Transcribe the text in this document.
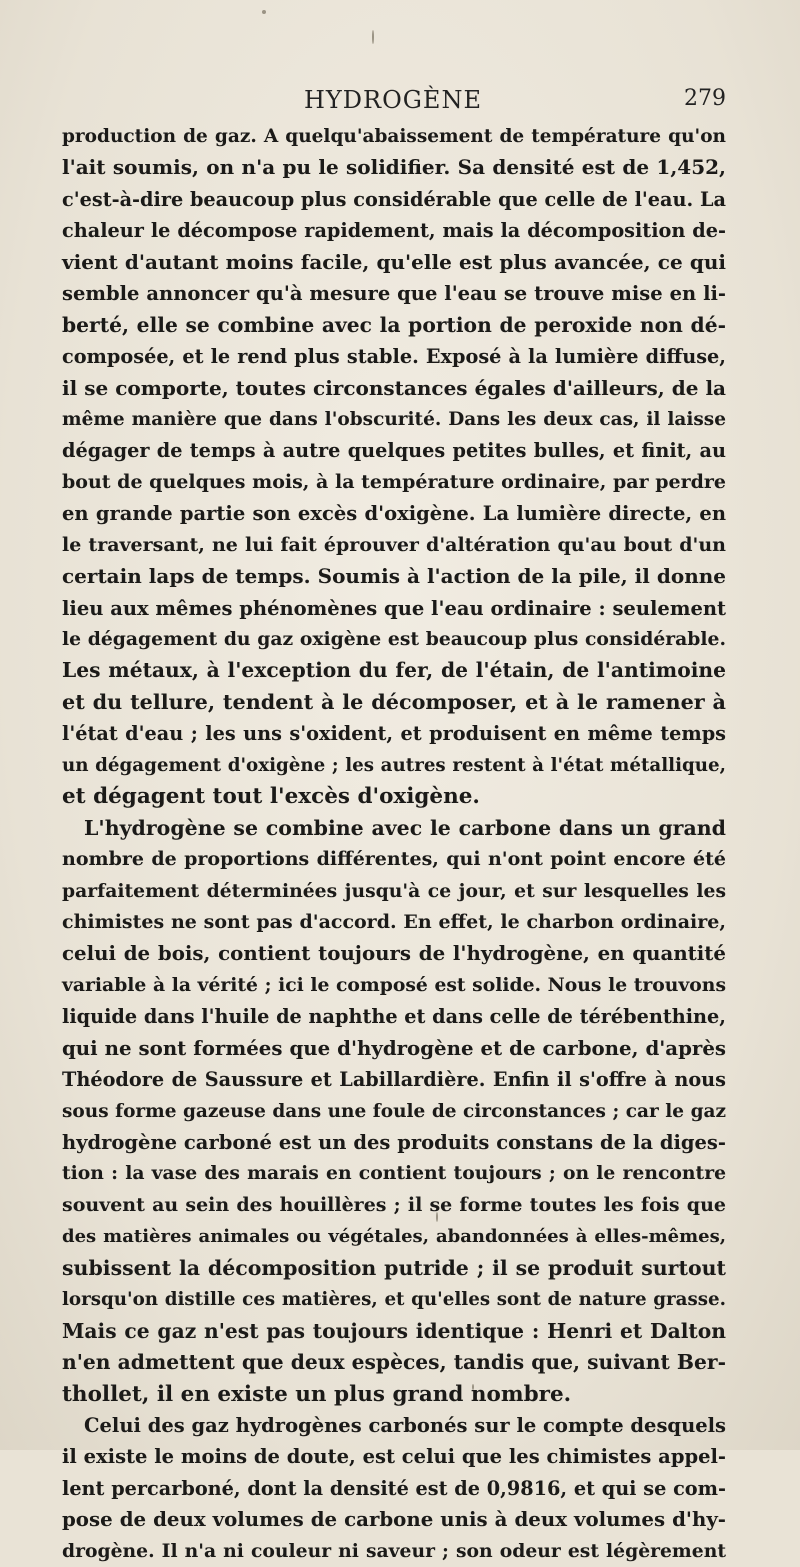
HYDROGÈNE	279
production de gaz. A quelqu'abaissement de température qu'on
l'ait soumis, on n'a pu le solidifier. Sa densité est de 1,452,
c'est-à-dire beaucoup plus considérable que celle de l'eau. La
chaleur le décompose rapidement, mais la décomposition de-
vient d'autant moins facile, qu'elle est plus avancée, ce qui
semble annoncer qu'à mesure que l'eau se trouve mise en li-
berté, elle se combine avec la portion de peroxide non dé-
composée, et le rend plus stable. Exposé à la lumière diffuse,
il se comporte, toutes circonstances égales d'ailleurs, de la
même manière que dans l'obscurité. Dans les deux cas, il laisse
dégager de temps à autre quelques petites bulles, et finit, au
bout de quelques mois, à la température ordinaire, par perdre
en grande partie son excès d'oxigène. La lumière directe, en
le traversant, ne lui fait éprouver d'altération qu'au bout d'un
certain laps de temps. Soumis à l'action de la pile, il donne
lieu aux mêmes phénomènes que l'eau ordinaire : seulement
le dégagement du gaz oxigène est beaucoup plus considérable.
Les métaux, à l'exception du fer, de l'étain, de l'antimoine
et du tellure, tendent à le décomposer, et à le ramener à
l'état d'eau ; les uns s'oxident, et produisent en même temps
un dégagement d'oxigène ; les autres restent à l'état métallique,
et dégagent tout l'excès d'oxigène.
L'hydrogène se combine avec le carbone dans un grand
nombre de proportions différentes, qui n'ont point encore été
parfaitement déterminées jusqu'à ce jour, et sur lesquelles les
chimistes ne sont pas d'accord. En effet, le charbon ordinaire,
celui de bois, contient toujours de l'hydrogène, en quantité
variable à la vérité ; ici le composé est solide. Nous le trouvons
liquide dans l'huile de naphthe et dans celle de térébenthine,
qui ne sont formées que d'hydrogène et de carbone, d'après
Théodore de Saussure et Labillardière. Enfin il s'offre à nous
sous forme gazeuse dans une foule de circonstances ; car le gaz
hydrogène carboné est un des produits constans de la diges-
tion : la vase des marais en contient toujours ; on le rencontre
souvent au sein des houillères ; il se forme toutes les fois que
des matières animales ou végétales, abandonnées à elles-mêmes,
subissent la décomposition putride ; il se produit surtout
lorsqu'on distille ces matières, et qu'elles sont de nature grasse.
Mais ce gaz n'est pas toujours identique : Henri et Dalton
n'en admettent que deux espèces, tandis que, suivant Ber-
thollet, il en existe un plus grand nombre.
Celui des gaz hydrogènes carbonés sur le compte desquels
il existe le moins de doute, est celui que les chimistes appel-
lent percarboné, dont la densité est de 0,9816, et qui se com-
pose de deux volumes de carbone unis à deux volumes d'hy-
drogène. Il n'a ni couleur ni saveur ; son odeur est légèrement
